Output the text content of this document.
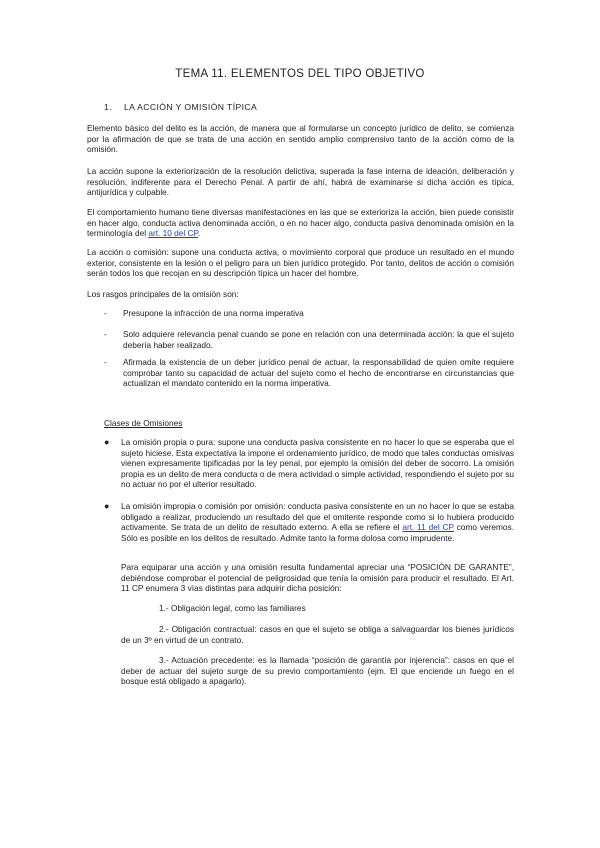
TEMA 11. ELEMENTOS DEL TIPO OBJETIVO
1. LA ACCIÓN Y OMISIÓN TÍPICA

Elemento básico del delito es la acción, de manera que al formularse un concepto jurídico de delito, se comienza por la afirmación de que se trata de una acción en sentido amplio comprensivo tanto de la acción como de la omisión.

La acción supone la exteriorización de la resolución delictiva, superada la fase interna de ideación, deliberación y resolución, indiferente para el Derecho Penal. A partir de ahí, habrá de examinarse si dicha acción es típica, antijurídica y culpable.

El comportamiento humano tiene diversas manifestaciones en las que se exterioriza la acción, bien puede consistir en hacer algo, conducta activa denominada acción, o en no hacer algo, conducta pasiva denominada omisión en la terminología del art. 10 del CP.

La acción o comisión: supone una conducta activa, o movimiento corporal que produce un resultado en el mundo exterior, consistente en la lesión o el peligro para un bien jurídico protegido. Por tanto, delitos de acción o comisión serán todos los que recojan en su descripción típica un hacer del hombre.

Los rasgos principales de la omisión son:

- Presupone la infracción de una norma imperativa

- Solo adquiere relevancia penal cuando se pone en relación con una determinada acción: la que el sujeto debería haber realizado.

- Afirmada la existencia de un deber jurídico penal de actuar, la responsabilidad de quien omite requiere comprobar tanto su capacidad de actuar del sujeto como el hecho de encontrarse en circunstancias que actualizan el mandato contenido en la norma imperativa.

Clases de Omisiones
● La omisión propia o pura: supone una conducta pasiva consistente en no hacer lo que se esperaba que el sujeto hiciese. Esta expectativa la impone el ordenamiento jurídico, de modo que tales conductas omisivas vienen expresamente tipificadas por la ley penal, por ejemplo la omisión del deber de socorro. La omisión propia es un delito de mera conducta o de mera actividad o simple actividad, respondiendo el sujeto por su no actuar no por el ulterior resultado.

● La omisión impropia o comisión por omisión: conducta pasiva consistente en un no hacer lo que se estaba obligado a realizar, produciendo un resultado del que el omitente responde como si lo hubiera producido activamente. Se trata de un delito de resultado externo. A ella se refiere el art. 11 del CP como veremos. Sólo es posible en los delitos de resultado. Admite tanto la forma dolosa como imprudente.

Para equiparar una acción y una omisión resulta fundamental apreciar una “POSICIÓN DE GARANTE”, debiéndose comprobar el potencial de peligrosidad que tenía la omisión para producir el resultado. El Art. 11 CP enumera 3 vías distintas para adquirir dicha posición:

1.- Obligación legal, como las familiares

2.- Obligación contractual: casos en que el sujeto se obliga a salvaguardar los bienes jurídicos de un 3º en virtud de un contrato.

3.- Actuación precedente: es la llamada “posición de garantía por injerencia”: casos en que el deber de actuar del sujeto surge de su previo comportamiento (ejm. El que enciende un fuego en el bosque está obligado a apagarlo).
